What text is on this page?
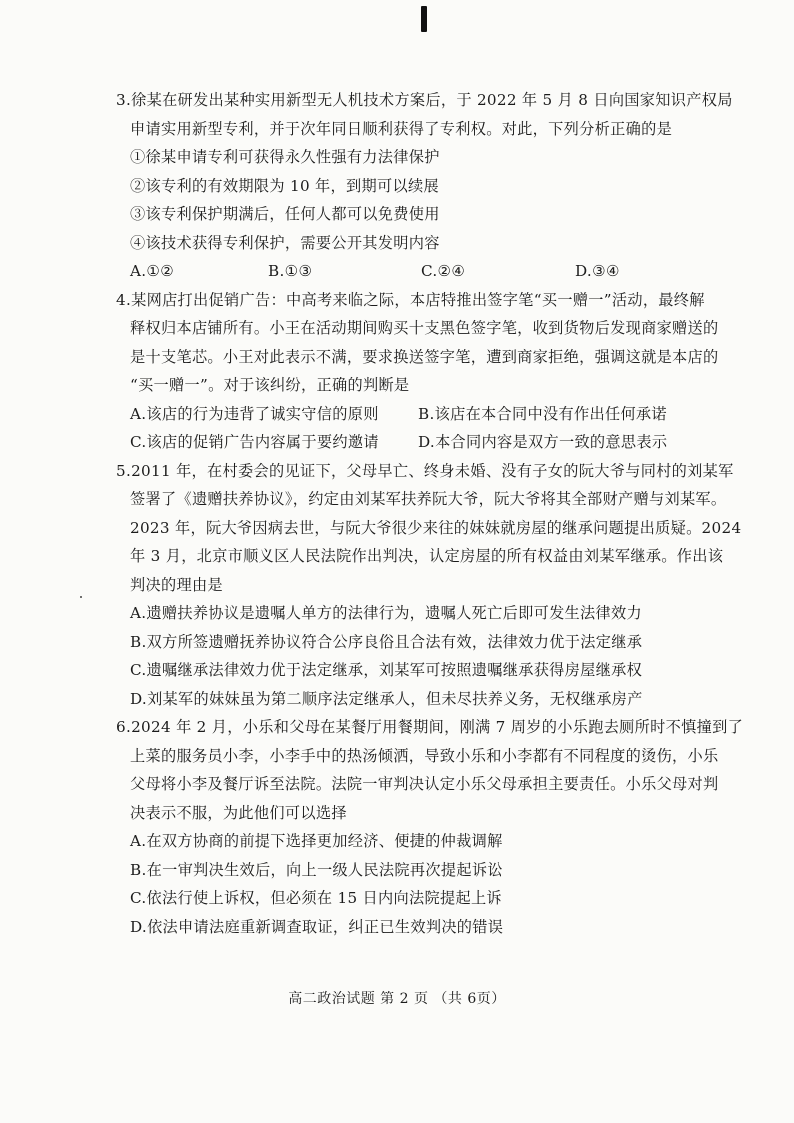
3.徐某在研发出某种实用新型无人机技术方案后，于 2022 年 5 月 8 日向国家知识产权局
申请实用新型专利，并于次年同日顺利获得了专利权。对此，下列分析正确的是
①徐某申请专利可获得永久性强有力法律保护
②该专利的有效期限为 10 年，到期可以续展
③该专利保护期满后，任何人都可以免费使用
④该技术获得专利保护，需要公开其发明内容
A.①②	B.①③	C.②④	D.③④
4.某网店打出促销广告：中高考来临之际，本店特推出签字笔“买一赠一”活动，最终解
释权归本店铺所有。小王在活动期间购买十支黑色签字笔，收到货物后发现商家赠送的
是十支笔芯。小王对此表示不满，要求换送签字笔，遭到商家拒绝，强调这就是本店的
“买一赠一”。对于该纠纷，正确的判断是
A.该店的行为违背了诚实守信的原则	B.该店在本合同中没有作出任何承诺
C.该店的促销广告内容属于要约邀请	D.本合同内容是双方一致的意思表示
5.2011 年，在村委会的见证下，父母早亡、终身未婚、没有子女的阮大爷与同村的刘某军
签署了《遗赠扶养协议》，约定由刘某军扶养阮大爷，阮大爷将其全部财产赠与刘某军。
2023 年，阮大爷因病去世，与阮大爷很少来往的妹妹就房屋的继承问题提出质疑。2024
年 3 月，北京市顺义区人民法院作出判决，认定房屋的所有权益由刘某军继承。作出该
判决的理由是
A.遗赠扶养协议是遗嘱人单方的法律行为，遗嘱人死亡后即可发生法律效力
B.双方所签遗赠抚养协议符合公序良俗且合法有效，法律效力优于法定继承
C.遗嘱继承法律效力优于法定继承，刘某军可按照遗嘱继承获得房屋继承权
D.刘某军的妹妹虽为第二顺序法定继承人，但未尽扶养义务，无权继承房产
6.2024 年 2 月，小乐和父母在某餐厅用餐期间，刚满 7 周岁的小乐跑去厕所时不慎撞到了
上菜的服务员小李，小李手中的热汤倾洒，导致小乐和小李都有不同程度的烫伤，小乐
父母将小李及餐厅诉至法院。法院一审判决认定小乐父母承担主要责任。小乐父母对判
决表示不服，为此他们可以选择
A.在双方协商的前提下选择更加经济、便捷的仲裁调解
B.在一审判决生效后，向上一级人民法院再次提起诉讼
C.依法行使上诉权，但必须在 15 日内向法院提起上诉
D.依法申请法庭重新调查取证，纠正已生效判决的错误
高二政治试题 第 2 页 （共 6页）
